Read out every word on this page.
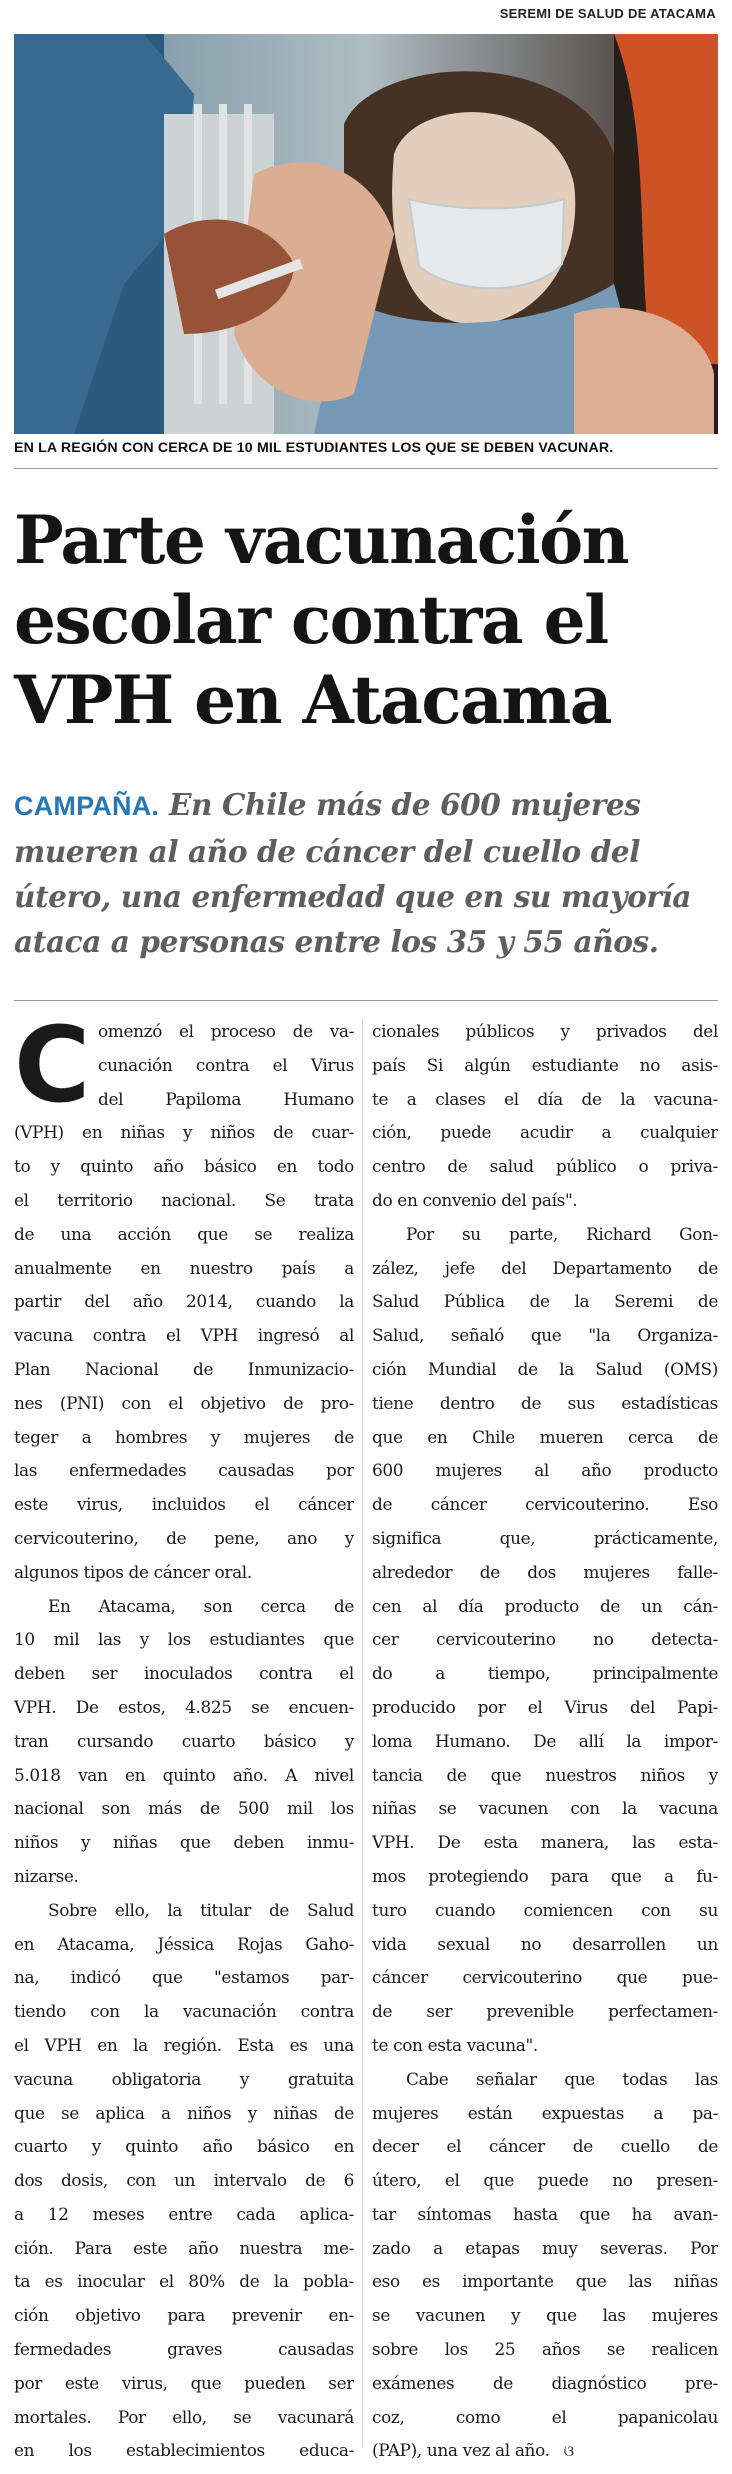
SEREMI DE SALUD DE ATACAMA
EN LA REGIÓN CON CERCA DE 10 MIL ESTUDIANTES LOS QUE SE DEBEN VACUNAR.
Parte vacunación
escolar contra el
VPH en Atacama
CAMPAÑA. En Chile más de 600 mujeres
mueren al año de cáncer del cuello del
útero, una enfermedad que en su mayoría
ataca a personas entre los 35 y 55 años.
C omenzó el proceso de va-
cunación contra el Virus
del Papiloma Humano
(VPH) en niñas y niños de cuar-
to y quinto año básico en todo
el territorio nacional. Se trata
de una acción que se realiza
anualmente en nuestro país a
partir del año 2014, cuando la
vacuna contra el VPH ingresó al
Plan Nacional de Inmunizacio-
nes (PNI) con el objetivo de pro-
teger a hombres y mujeres de
las enfermedades causadas por
este virus, incluidos el cáncer
cervicouterino, de pene, ano y
algunos tipos de cáncer oral.
En Atacama, son cerca de
10 mil las y los estudiantes que
deben ser inoculados contra el
VPH. De estos, 4.825 se encuen-
tran cursando cuarto básico y
5.018 van en quinto año. A nivel
nacional son más de 500 mil los
niños y niñas que deben inmu-
nizarse.
Sobre ello, la titular de Salud
en Atacama, Jéssica Rojas Gaho-
na, indicó que "estamos par-
tiendo con la vacunación contra
el VPH en la región. Esta es una
vacuna obligatoria y gratuita
que se aplica a niños y niñas de
cuarto y quinto año básico en
dos dosis, con un intervalo de 6
a 12 meses entre cada aplica-
ción. Para este año nuestra me-
ta es inocular el 80% de la pobla-
ción objetivo para prevenir en-
fermedades graves causadas
por este virus, que pueden ser
mortales. Por ello, se vacunará
en los establecimientos educa-
cionales públicos y privados del
país Si algún estudiante no asis-
te a clases el día de la vacuna-
ción, puede acudir a cualquier
centro de salud público o priva-
do en convenio del país".
Por su parte, Richard Gon-
zález, jefe del Departamento de
Salud Pública de la Seremi de
Salud, señaló que "la Organiza-
ción Mundial de la Salud (OMS)
tiene dentro de sus estadísticas
que en Chile mueren cerca de
600 mujeres al año producto
de cáncer cervicouterino. Eso
significa que, prácticamente,
alrededor de dos mujeres falle-
cen al día producto de un cán-
cer cervicouterino no detecta-
do a tiempo, principalmente
producido por el Virus del Papi-
loma Humano. De allí la impor-
tancia de que nuestros niños y
niñas se vacunen con la vacuna
VPH. De esta manera, las esta-
mos protegiendo para que a fu-
turo cuando comiencen con su
vida sexual no desarrollen un
cáncer cervicouterino que pue-
de ser prevenible perfectamen-
te con esta vacuna".
Cabe señalar que todas las
mujeres están expuestas a pa-
decer el cáncer de cuello de
útero, el que puede no presen-
tar síntomas hasta que ha avan-
zado a etapas muy severas. Por
eso es importante que las niñas
se vacunen y que las mujeres
sobre los 25 años se realicen
exámenes de diagnóstico pre-
coz, como el papanicolau
(PAP), una vez al año. ଓ
